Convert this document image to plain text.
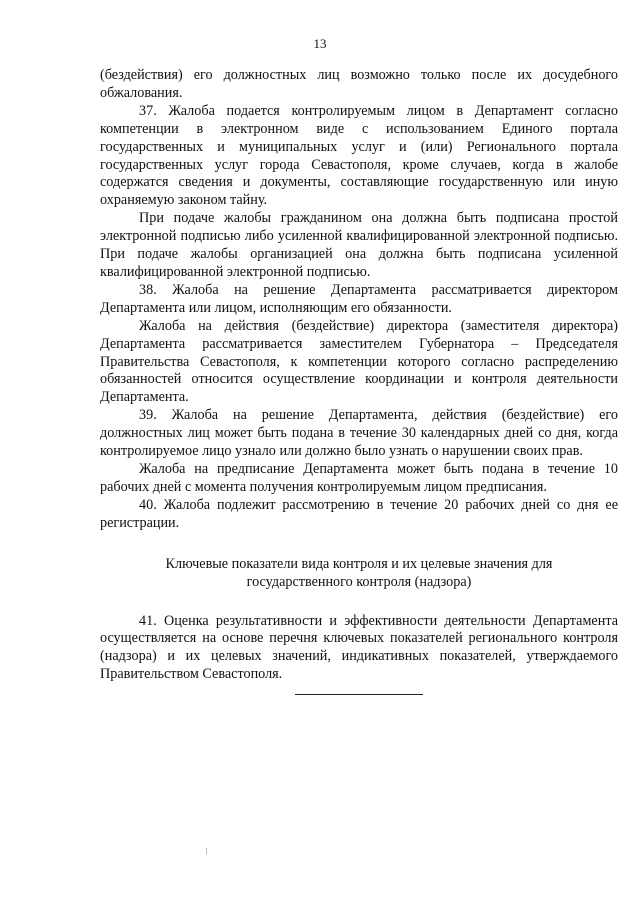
13

(бездействия) его должностных лиц возможно только после их досудебного обжалования.

37. Жалоба подается контролируемым лицом в Департамент согласно компетенции в электронном виде с использованием Единого портала государственных и муниципальных услуг и (или) Регионального портала государственных услуг города Севастополя, кроме случаев, когда в жалобе содержатся сведения и документы, составляющие государственную или иную охраняемую законом тайну.

При подаче жалобы гражданином она должна быть подписана простой электронной подписью либо усиленной квалифицированной электронной подписью. При подаче жалобы организацией она должна быть подписана усиленной квалифицированной электронной подписью.

38. Жалоба на решение Департамента рассматривается директором Департамента или лицом, исполняющим его обязанности.

Жалоба на действия (бездействие) директора (заместителя директора) Департамента рассматривается заместителем Губернатора – Председателя Правительства Севастополя, к компетенции которого согласно распределению обязанностей относится осуществление координации и контроля деятельности Департамента.

39. Жалоба на решение Департамента, действия (бездействие) его должностных лиц может быть подана в течение 30 календарных дней со дня, когда контролируемое лицо узнало или должно было узнать о нарушении своих прав.

Жалоба на предписание Департамента может быть подана в течение 10 рабочих дней с момента получения контролируемым лицом предписания.

40. Жалоба подлежит рассмотрению в течение 20 рабочих дней со дня ее регистрации.

Ключевые показатели вида контроля и их целевые значения для
государственного контроля (надзора)

41. Оценка результативности и эффективности деятельности Департамента осуществляется на основе перечня ключевых показателей регионального контроля (надзора) и их целевых значений, индикативных показателей, утверждаемого Правительством Севастополя.
